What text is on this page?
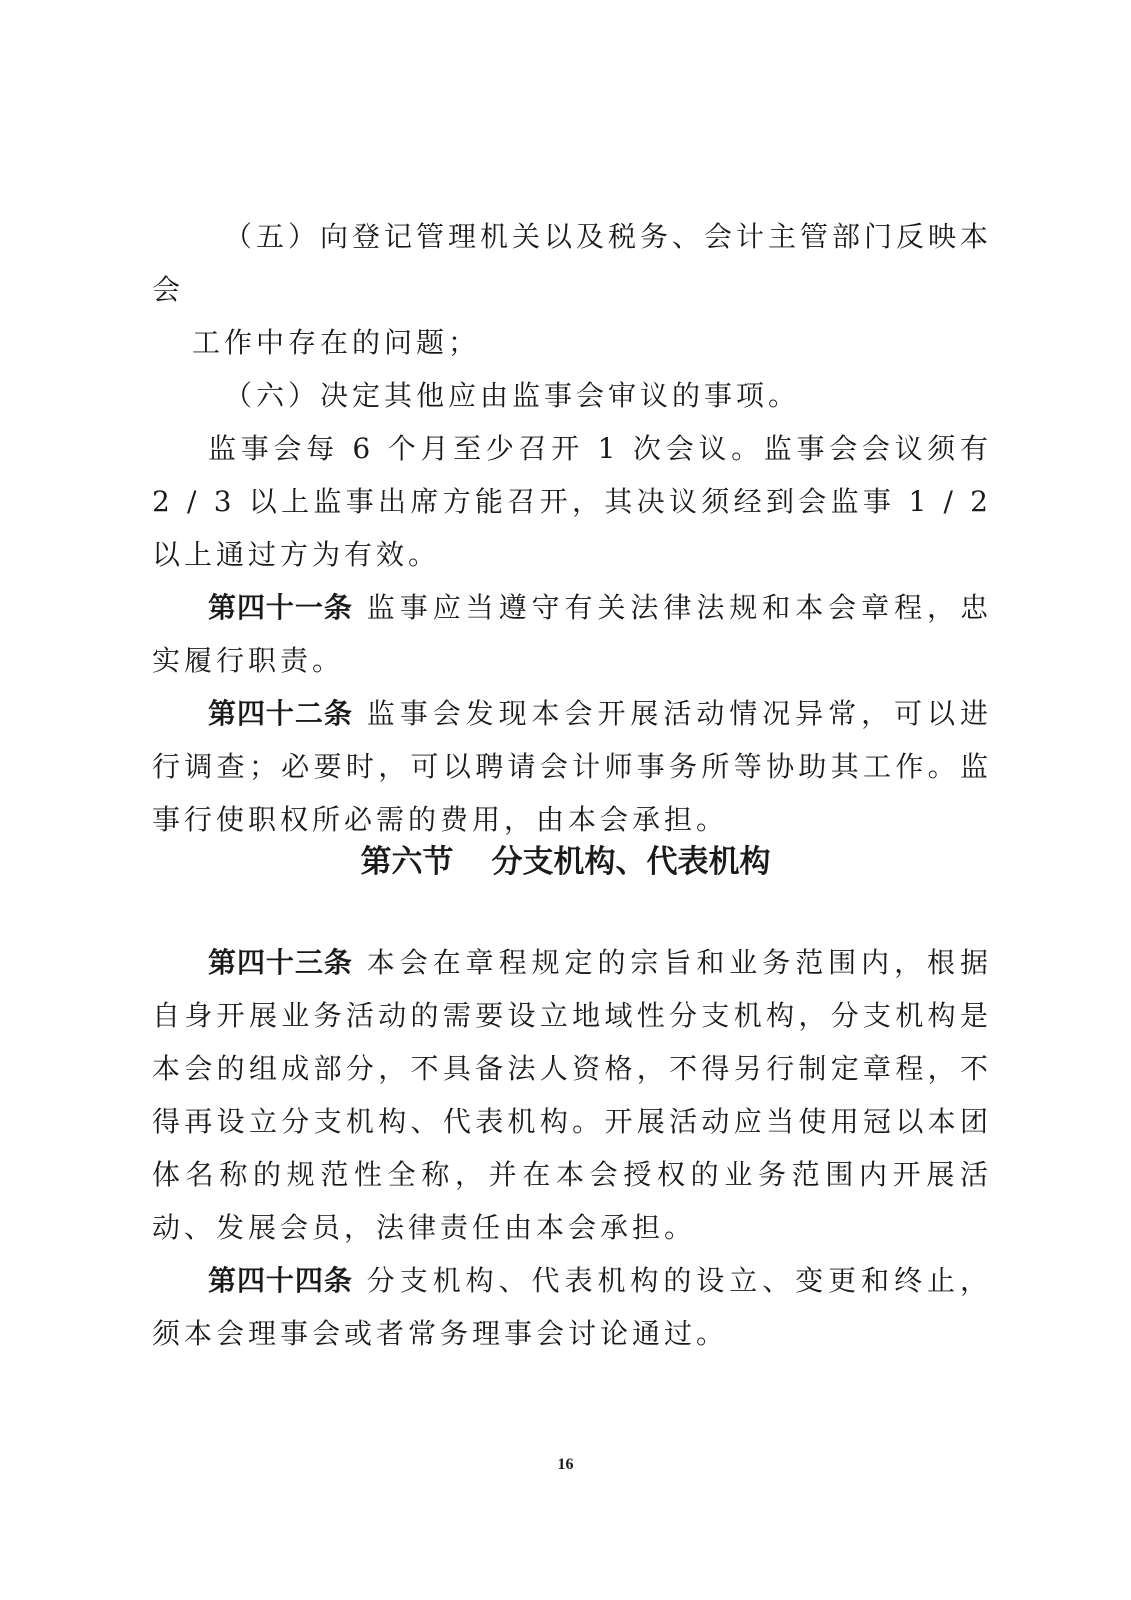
（五）向登记管理机关以及税务、会计主管部门反映本会

工作中存在的问题；

（六）决定其他应由监事会审议的事项。

监事会每 6 个月至少召开 1 次会议。监事会会议须有 2 / 3 以上监事出席方能召开，其决议须经到会监事 1 / 2 以上通过方为有效。

第四十一条 监事应当遵守有关法律法规和本会章程，忠实履行职责。

第四十二条 监事会发现本会开展活动情况异常，可以进行调查；必要时，可以聘请会计师事务所等协助其工作。监事行使职权所必需的费用，由本会承担。

第六节 分支机构、代表机构

第四十三条 本会在章程规定的宗旨和业务范围内，根据自身开展业务活动的需要设立地域性分支机构，分支机构是本会的组成部分，不具备法人资格，不得另行制定章程，不得再设立分支机构、代表机构。开展活动应当使用冠以本团体名称的规范性全称，并在本会授权的业务范围内开展活动、发展会员，法律责任由本会承担。

第四十四条 分支机构、代表机构的设立、变更和终止，须本会理事会或者常务理事会讨论通过。

16
